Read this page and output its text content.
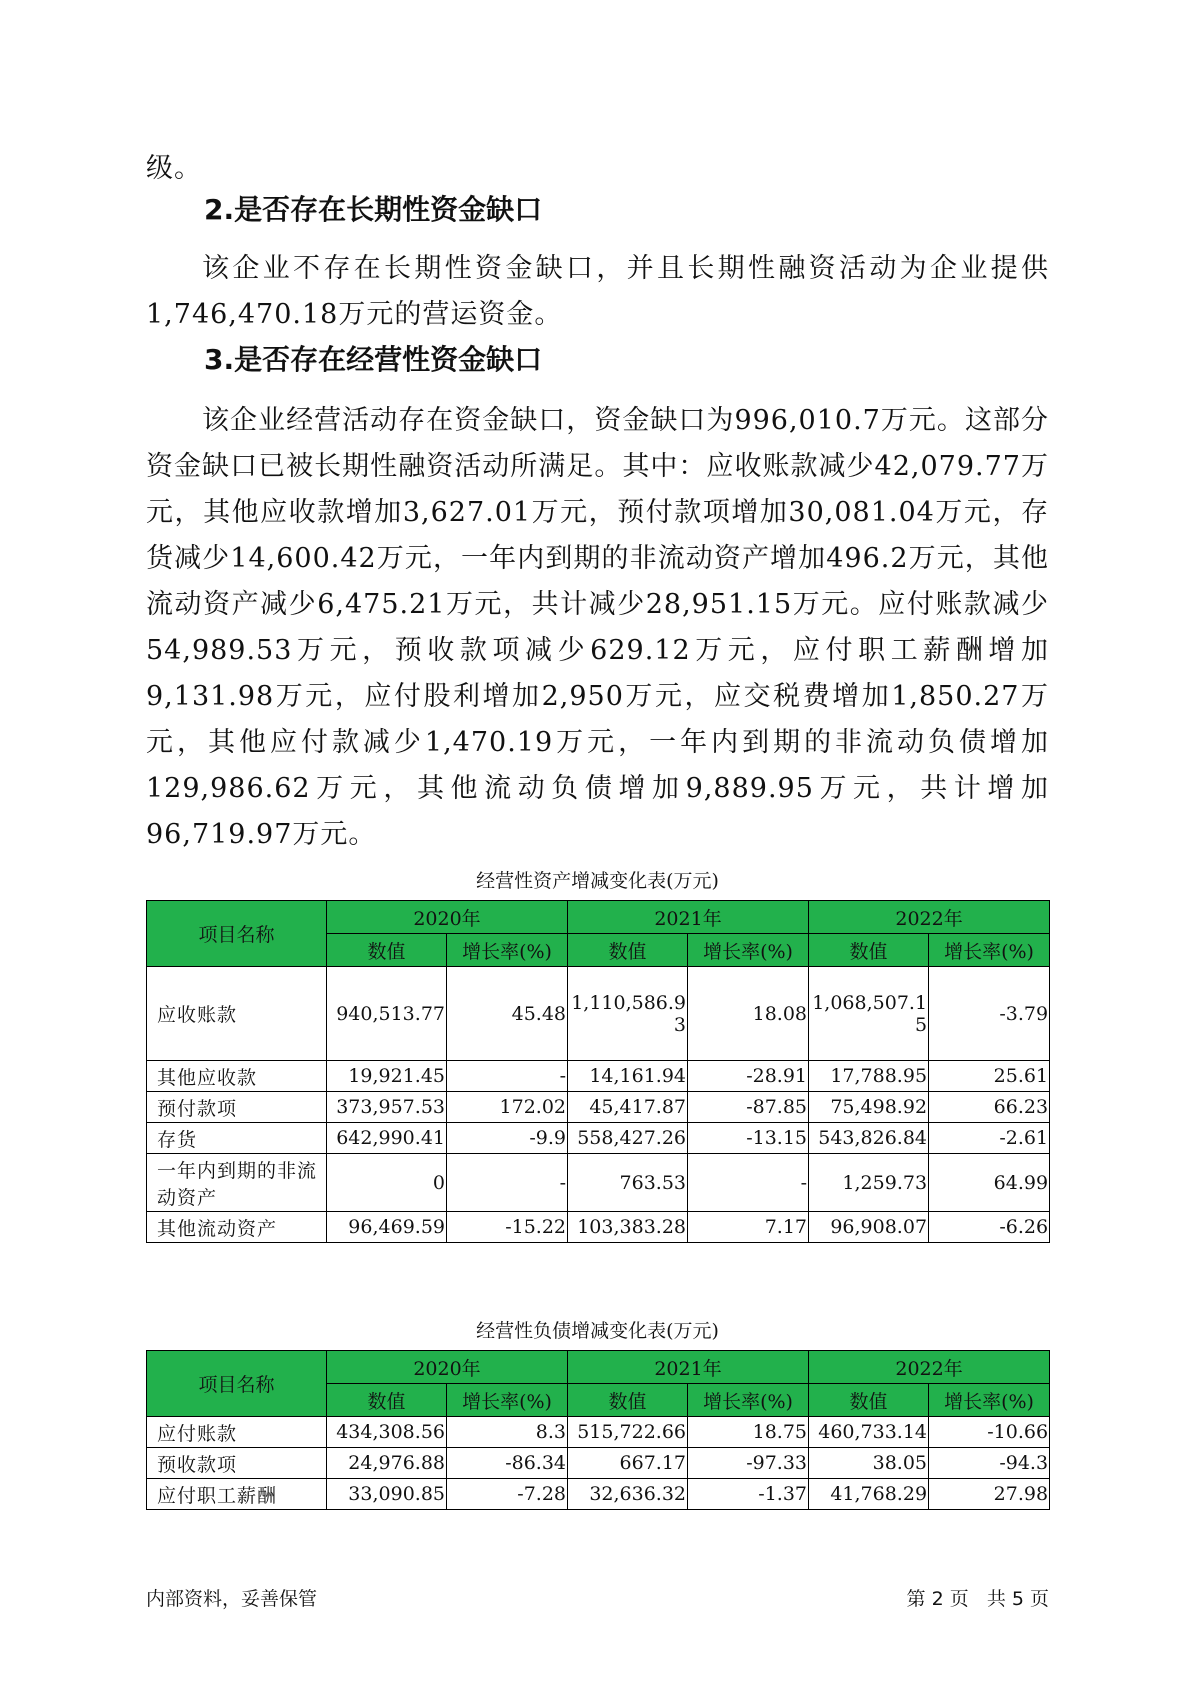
级。

2.是否存在长期性资金缺口

该企业不存在长期性资金缺口，并且长期性融资活动为企业提供1,746,470.18万元的营运资金。

3.是否存在经营性资金缺口

该企业经营活动存在资金缺口，资金缺口为996,010.7万元。这部分资金缺口已被长期性融资活动所满足。其中：应收账款减少42,079.77万元，其他应收款增加3,627.01万元，预付款项增加30,081.04万元，存货减少14,600.42万元，一年内到期的非流动资产增加496.2万元，其他流动资产减少6,475.21万元，共计减少28,951.15万元。应付账款减少54,989.53万元，预收款项减少629.12万元，应付职工薪酬增加9,131.98万元，应付股利增加2,950万元，应交税费增加1,850.27万元，其他应付款减少1,470.19万元，一年内到期的非流动负债增加129,986.62万元，其他流动负债增加9,889.95万元，共计增加96,719.97万元。

经营性资产增减变化表(万元)
项目名称	2020年		2021年		2022年	
	数值	增长率(%)	数值	增长率(%)	数值	增长率(%)
应收账款	940,513.77	45.48	1,110,586.93	18.08	1,068,507.15	-3.79
其他应收款	19,921.45	-	14,161.94	-28.91	17,788.95	25.61
预付款项	373,957.53	172.02	45,417.87	-87.85	75,498.92	66.23
存货	642,990.41	-9.9	558,427.26	-13.15	543,826.84	-2.61
一年内到期的非流动资产	0	-	763.53	-	1,259.73	64.99
其他流动资产	96,469.59	-15.22	103,383.28	7.17	96,908.07	-6.26
经营性负债增减变化表(万元)
项目名称	2020年		2021年		2022年	
	数值	增长率(%)	数值	增长率(%)	数值	增长率(%)
应付账款	434,308.56	8.3	515,722.66	18.75	460,733.14	-10.66
预收款项	24,976.88	-86.34	667.17	-97.33	38.05	-94.3
应付职工薪酬	33,090.85	-7.28	32,636.32	-1.37	41,768.29	27.98
内部资料，妥善保管	第 2 页   共 5 页
